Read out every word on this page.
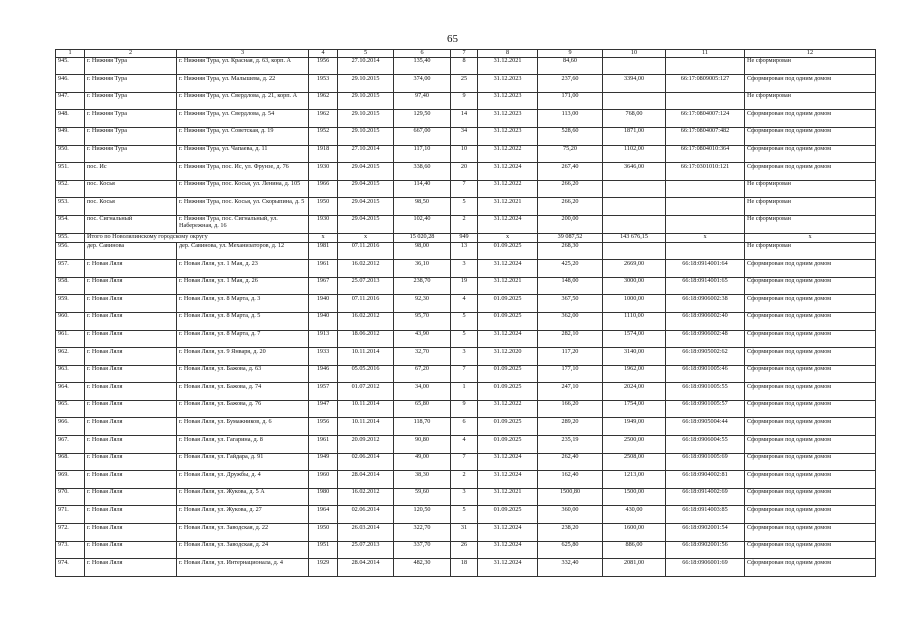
65
1	2	3	4	5	6	7	8	9	10	11	12
945.	г. Нижняя Тура	г. Нижняя Тура, ул. Красная, д. 63, корп. А	1956	27.10.2014	135,40	8	31.12.2021	84,60			Не сформирован
946.	г. Нижняя Тура	г. Нижняя Тура, ул. Малышева, д. 22	1953	29.10.2015	374,00	25	31.12.2023	237,60	3394,00	66:17:0809005:127	Сформирован под одним домом
947.	г. Нижняя Тура	г. Нижняя Тура, ул. Свердлова, д. 21, корп. А	1962	29.10.2015	97,40	9	31.12.2023	171,00			Не сформирован
948.	г. Нижняя Тура	г. Нижняя Тура, ул. Свердлова, д. 54	1962	29.10.2015	129,50	14	31.12.2023	113,00	768,00	66:17:0804007:124	Сформирован под одним домом
949.	г. Нижняя Тура	г. Нижняя Тура, ул. Советская, д. 19	1952	29.10.2015	667,00	34	31.12.2023	528,60	1871,00	66:17:0804007:482	Сформирован под одним домом
950.	г. Нижняя Тура	г. Нижняя Тура, ул. Чапаева, д. 11	1918	27.10.2014	117,10	10	31.12.2022	75,20	1102,00	66:17:0804010:364	Сформирован под одним домом
951.	пос. Ис	г. Нижняя Тура, пос. Ис, ул. Фрунзе, д. 76	1930	29.04.2015	338,60	20	31.12.2024	267,40	3646,00	66:17:0301010:121	Сформирован под одним домом
952.	пос. Косья	г. Нижняя Тура, пос. Косья, ул. Ленина, д. 105	1966	29.04.2015	114,40	7	31.12.2022	266,20			Не сформирован
953.	пос. Косья	г. Нижняя Тура, пос. Косья, ул. Скорыпина, д. 5	1950	29.04.2015	98,50	5	31.12.2021	266,20			Не сформирован
954.	пос. Сигнальный	г. Нижняя Тура, пос. Сигнальный, ул. Набережная, д. 16	1930	29.04.2015	102,40	2	31.12.2024	200,00			Не сформирован
955.	Итого по Новолялинскому городскому округу		х	х	15 020,28	949	х	39 087,52	143 676,15	х	х
956.	дер. Савинова	дер. Савинова, ул. Механизаторов, д. 12	1981	07.11.2016	98,00	13	01.09.2025	268,30			Не сформирован
957.	г. Новая Ляля	г. Новая Ляля, ул. 1 Мая, д. 23	1961	16.02.2012	36,10	3	31.12.2024	425,20	2669,00	66:18:0914001:64	Сформирован под одним домом
958.	г. Новая Ляля	г. Новая Ляля, ул. 1 Мая, д. 26	1967	25.07.2013	238,70	19	31.12.2021	148,00	3000,00	66:18:0914001:65	Сформирован под одним домом
959.	г. Новая Ляля	г. Новая Ляля, ул. 8 Марта, д. 3	1940	07.11.2016	92,30	4	01.09.2025	367,50	1000,00	66:18:0906002:38	Сформирован под одним домом
960.	г. Новая Ляля	г. Новая Ляля, ул. 8 Марта, д. 5	1940	16.02.2012	95,70	5	01.09.2025	362,00	1110,00	66:18:0906002:40	Сформирован под одним домом
961.	г. Новая Ляля	г. Новая Ляля, ул. 8 Марта, д. 7	1913	18.06.2012	43,90	5	31.12.2024	282,10	1574,00	66:18:0906002:48	Сформирован под одним домом
962.	г. Новая Ляля	г. Новая Ляля, ул. 9 Января, д. 20	1933	10.11.2014	32,70	3	31.12.2020	117,20	3140,00	66:18:0905002:62	Сформирован под одним домом
963.	г. Новая Ляля	г. Новая Ляля, ул. Бажова, д. 63	1946	05.05.2016	67,20	7	01.09.2025	177,10	1962,00	66:18:0901005:46	Сформирован под одним домом
964.	г. Новая Ляля	г. Новая Ляля, ул. Бажова, д. 74	1957	01.07.2012	34,00	1	01.09.2025	247,10	2024,00	66:18:0901005:55	Сформирован под одним домом
965.	г. Новая Ляля	г. Новая Ляля, ул. Бажова, д. 76	1947	10.11.2014	65,80	9	31.12.2022	166,20	1754,00	66:18:0901005:57	Сформирован под одним домом
966.	г. Новая Ляля	г. Новая Ляля, ул. Бумажников, д. 6	1956	10.11.2014	118,70	6	01.09.2025	289,20	1949,00	66:18:0905004:44	Сформирован под одним домом
967.	г. Новая Ляля	г. Новая Ляля, ул. Гагарина, д. 8	1961	20.09.2012	90,80	4	01.09.2025	235,19	2500,00	66:18:0906004:55	Сформирован под одним домом
968.	г. Новая Ляля	г. Новая Ляля, ул. Гайдара, д. 91	1949	02.06.2014	49,00	7	31.12.2024	262,40	2508,00	66:18:0901005:69	Сформирован под одним домом
969.	г. Новая Ляля	г. Новая Ляля, ул. Дружбы, д. 4	1960	28.04.2014	38,30	2	31.12.2024	162,40	1213,00	66:18:0904002:81	Сформирован под одним домом
970.	г. Новая Ляля	г. Новая Ляля, ул. Жукова, д. 5 А	1980	16.02.2012	59,60	3	31.12.2021	1500,80	1500,00	66:18:0914002:69	Сформирован под одним домом
971.	г. Новая Ляля	г. Новая Ляля, ул. Жукова, д. 27	1964	02.06.2014	120,50	5	01.09.2025	360,00	430,00	66:18:0914003:85	Сформирован под одним домом
972.	г. Новая Ляля	г. Новая Ляля, ул. Заводская, д. 22	1950	26.03.2014	322,70	31	31.12.2024	238,20	1600,00	66:18:0902001:54	Сформирован под одним домом
973.	г. Новая Ляля	г. Новая Ляля, ул. Заводская, д. 24	1951	25.07.2013	337,70	26	31.12.2024	625,80	886,00	66:18:0902001:56	Сформирован под одним домом
974.	г. Новая Ляля	г. Новая Ляля, ул. Интернационала, д. 4	1929	28.04.2014	482,30	18	31.12.2024	332,40	2081,00	66:18:0906001:69	Сформирован под одним домом
